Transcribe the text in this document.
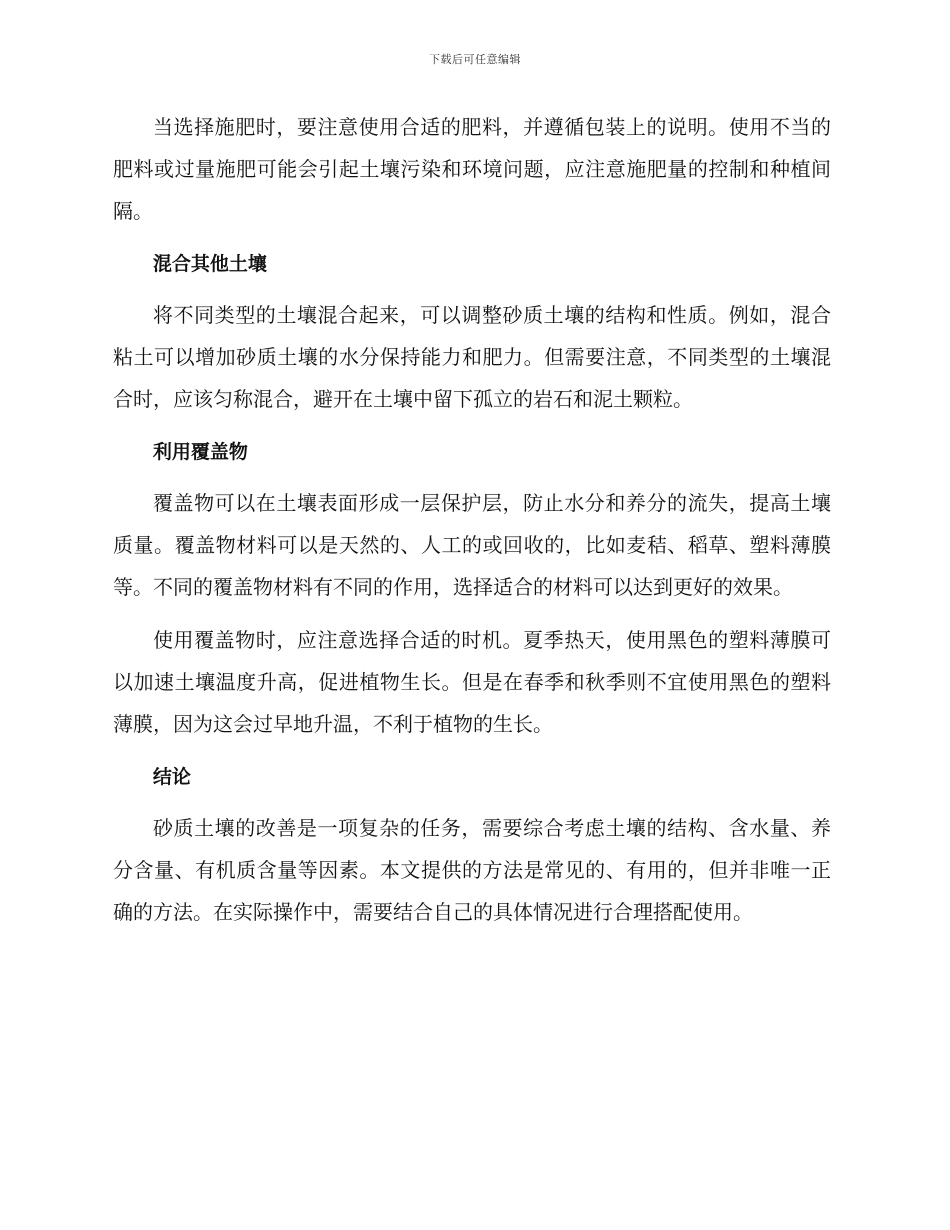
下载后可任意编辑

当选择施肥时，要注意使用合适的肥料，并遵循包装上的说明。使用不当的肥料或过量施肥可能会引起土壤污染和环境问题，应注意施肥量的控制和种植间隔。

混合其他土壤

将不同类型的土壤混合起来，可以调整砂质土壤的结构和性质。例如，混合粘土可以增加砂质土壤的水分保持能力和肥力。但需要注意，不同类型的土壤混合时，应该匀称混合，避开在土壤中留下孤立的岩石和泥土颗粒。

利用覆盖物

覆盖物可以在土壤表面形成一层保护层，防止水分和养分的流失，提高土壤质量。覆盖物材料可以是天然的、人工的或回收的，比如麦秸、稻草、塑料薄膜等。不同的覆盖物材料有不同的作用，选择适合的材料可以达到更好的效果。

使用覆盖物时，应注意选择合适的时机。夏季热天，使用黑色的塑料薄膜可以加速土壤温度升高，促进植物生长。但是在春季和秋季则不宜使用黑色的塑料薄膜，因为这会过早地升温，不利于植物的生长。

结论

砂质土壤的改善是一项复杂的任务，需要综合考虑土壤的结构、含水量、养分含量、有机质含量等因素。本文提供的方法是常见的、有用的，但并非唯一正确的方法。在实际操作中，需要结合自己的具体情况进行合理搭配使用。
